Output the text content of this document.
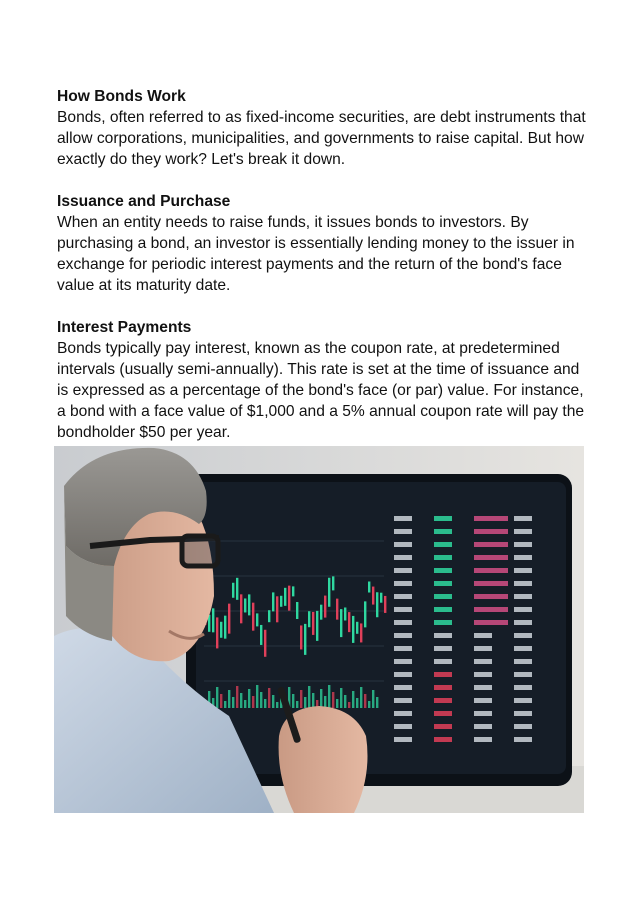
How Bonds Work

Bonds, often referred to as fixed-income securities, are debt instruments that allow corporations, municipalities, and governments to raise capital. But how exactly do they work? Let's break it down.

Issuance and Purchase

When an entity needs to raise funds, it issues bonds to investors. By purchasing a bond, an investor is essentially lending money to the issuer in exchange for periodic interest payments and the return of the bond's face value at its maturity date.

Interest Payments

Bonds typically pay interest, known as the coupon rate, at predetermined intervals (usually semi-annually). This rate is set at the time of issuance and is expressed as a percentage of the bond's face (or par) value. For instance, a bond with a face value of $1,000 and a 5% annual coupon rate will pay the bondholder $50 per year.
